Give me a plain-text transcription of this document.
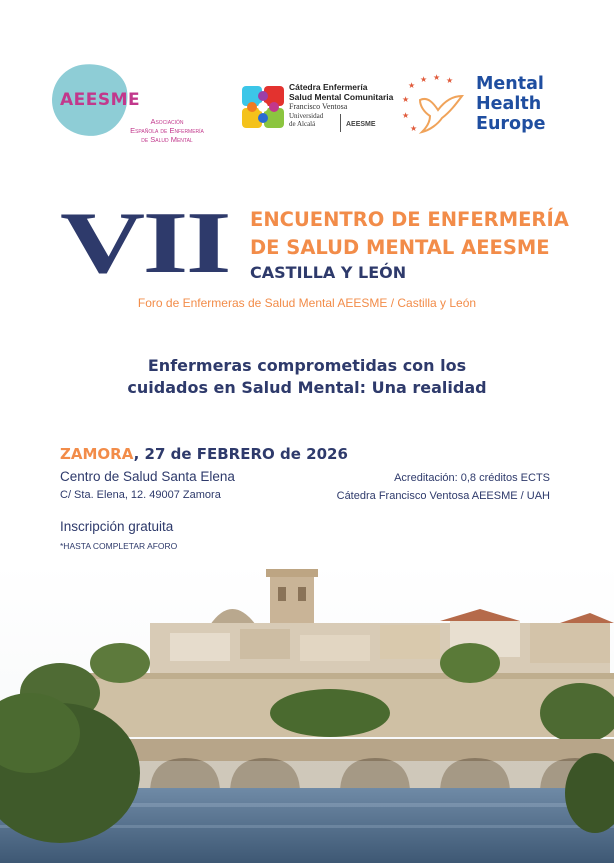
AEESME
Asociación
Española de Enfermería
de Salud Mental
Cátedra Enfermería
Salud Mental Comunitaria
Francisco Ventosa
Universidad
de Alcalá	AEESME
★
★ ★ ★
★
★
★
Mental
Health
Europe
VII ENCUENTRO DE ENFERMERÍA
DE SALUD MENTAL AEESME
CASTILLA Y LEÓN
Foro de Enfermeras de Salud Mental AEESME / Castilla y León
Enfermeras comprometidas con los
cuidados en Salud Mental: Una realidad
ZAMORA, 27 de FEBRERO de 2026
Centro de Salud Santa Elena
C/ Sta. Elena, 12. 49007 Zamora
Acreditación: 0,8 créditos ECTS
Cátedra Francisco Ventosa AEESME / UAH
Inscripción gratuita
*HASTA COMPLETAR AFORO
